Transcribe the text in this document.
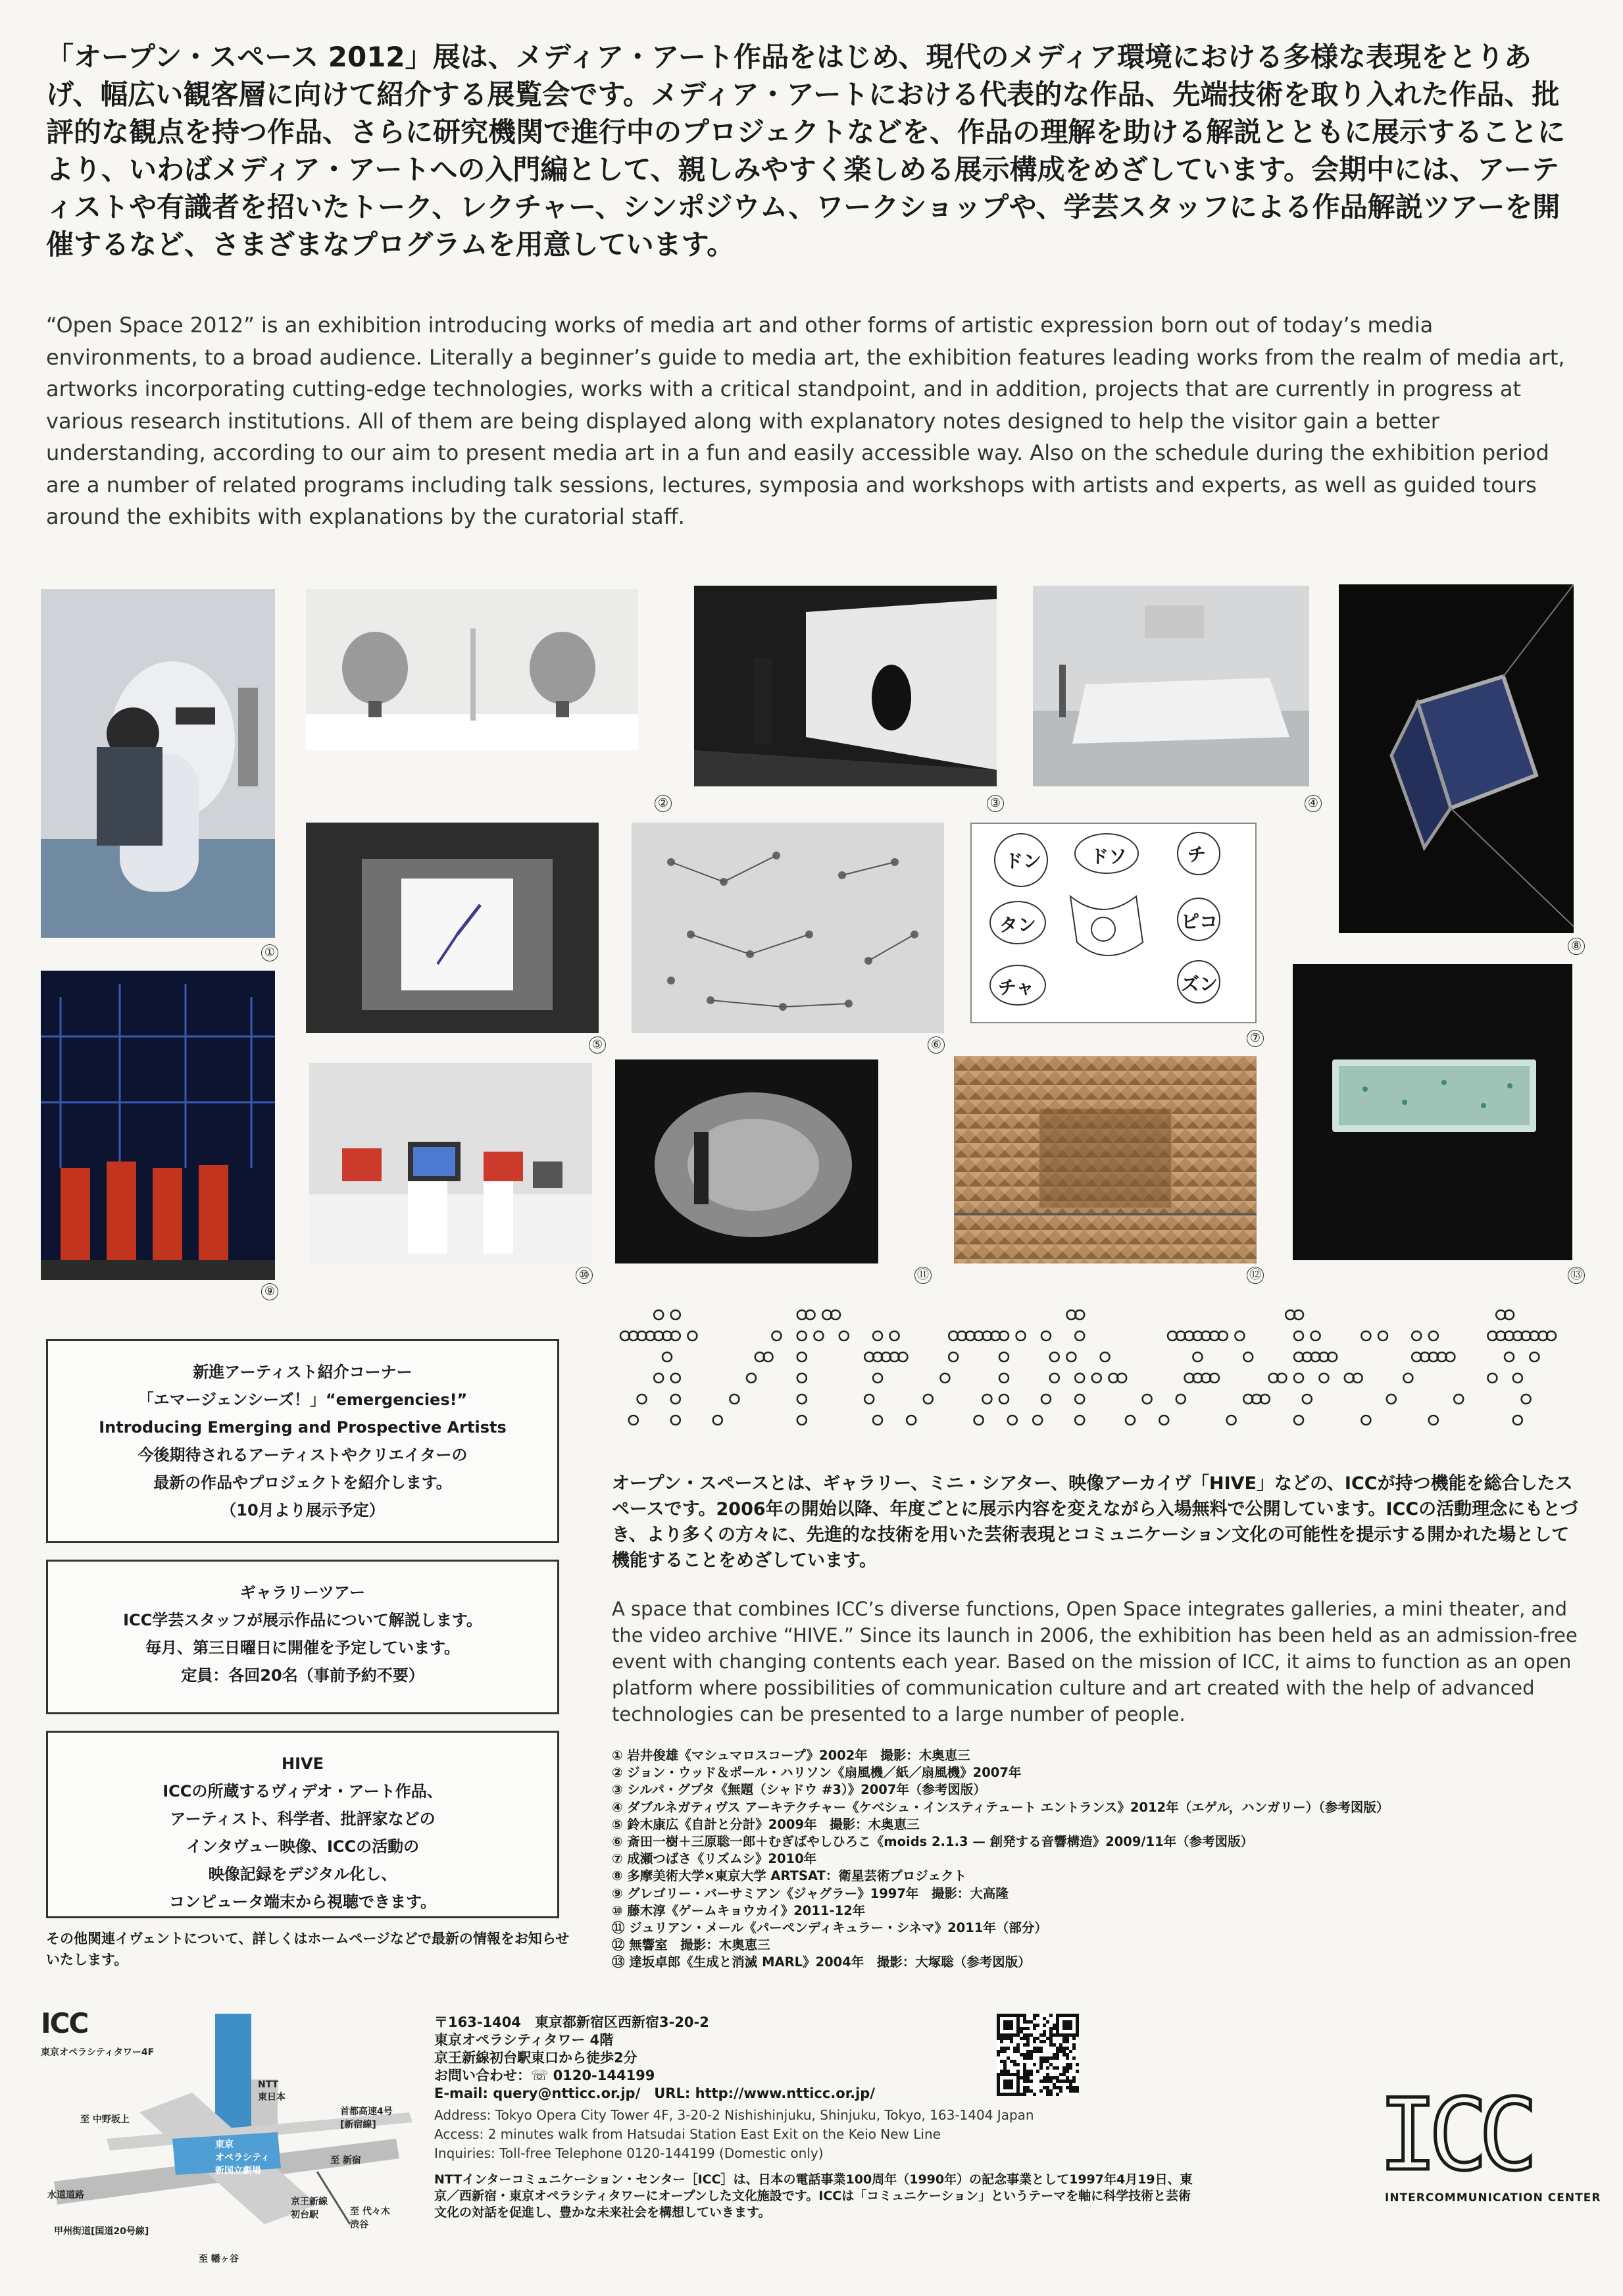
「オープン・スペース 2012」展は、メディア・アート作品をはじめ、現代のメディア環境における多様な表現をとりあげ、幅広い観客層に向けて紹介する展覧会です。メディア・アートにおける代表的な作品、先端技術を取り入れた作品、批評的な観点を持つ作品、さらに研究機関で進行中のプロジェクトなどを、作品の理解を助ける解説とともに展示することにより、いわばメディア・アートへの入門編として、親しみやすく楽しめる展示構成をめざしています。会期中には、アーティストや有識者を招いたトーク、レクチャー、シンポジウム、ワークショップや、学芸スタッフによる作品解説ツアーを開催するなど、さまざまなプログラムを用意しています。

“Open Space 2012” is an exhibition introducing works of media art and other forms of artistic expression born out of today’s media environments, to a broad audience. Literally a beginner’s guide to media art, the exhibition features leading works from the realm of media art, artworks incorporating cutting-edge technologies, works with a critical standpoint, and in addition, projects that are currently in progress at various research institutions. All of them are being displayed along with explanatory notes designed to help the visitor gain a better understanding, according to our aim to present media art in a fun and easily accessible way. Also on the schedule during the exhibition period are a number of related programs including talk sessions, lectures, symposia and workshops with artists and experts, as well as guided tours around the exhibits with explanations by the curatorial staff.

ドン	ドソ	チ
タン	ピコ
チャ	ズン
①
②	③	④
⑤	⑥	⑦
⑧
⑨
⑩	⑪	⑫	⑬
新進アーティスト紹介コーナー
「エマージェンシーズ！」“emergencies!”
Introducing Emerging and Prospective Artists
今後期待されるアーティストやクリエイターの
最新の作品やプロジェクトを紹介します。
（10月より展示予定）
ギャラリーツアー
ICC学芸スタッフが展示作品について解説します。
毎月、第三日曜日に開催を予定しています。
定員：各回20名（事前予約不要）
HIVE
ICCの所蔵するヴィデオ・アート作品、
アーティスト、科学者、批評家などの
インタヴュー映像、ICCの活動の
映像記録をデジタル化し、
コンピュータ端末から視聴できます。
その他関連イヴェントについて、詳しくはホームページなどで最新の情報をお知らせいたします。
オープン・スペースとは、ギャラリー、ミニ・シアター、映像アーカイヴ「HIVE」などの、ICCが持つ機能を総合したスペースです。2006年の開始以降、年度ごとに展示内容を変えながら入場無料で公開しています。ICCの活動理念にもとづき、より多くの方々に、先進的な技術を用いた芸術表現とコミュニケーション文化の可能性を提示する開かれた場として機能することをめざしています。
A space that combines ICC’s diverse functions, Open Space integrates galleries, a mini theater, and the video archive “HIVE.” Since its launch in 2006, the exhibition has been held as an admission-free event with changing contents each year. Based on the mission of ICC, it aims to function as an open platform where possibilities of communication culture and art created with the help of advanced technologies can be presented to a large number of people.
① 岩井俊雄《マシュマロスコープ》2002年　撮影：木奥恵三
② ジョン・ウッド＆ポール・ハリソン《扇風機／紙／扇風機》2007年
③ シルパ・グプタ《無題（シャドウ #3）》2007年（参考図版）
④ ダブルネガティヴス アーキテクチャー《ケベシュ・インスティテュート エントランス》2012年（エゲル，ハンガリー）（参考図版）
⑤ 鈴木康広《自計と分計》2009年　撮影：木奥恵三
⑥ 斎田一樹＋三原聡一郎＋むぎばやしひろこ《moids 2.1.3 — 創発する音響構造》2009/11年（参考図版）
⑦ 成瀬つばさ《リズムシ》2010年
⑧ 多摩美術大学×東京大学 ARTSAT：衛星芸術プロジェクト
⑨ グレゴリー・バーサミアン《ジャグラー》1997年　撮影：大高隆
⑩ 藤木淳《ゲームキョウカイ》2011-12年
⑪ ジュリアン・メール《パーペンディキュラー・シネマ》2011年（部分）
⑫ 無響室　撮影：木奥恵三
⑬ 達坂卓郎《生成と消滅 MARL》2004年　撮影：大塚聡（参考図版）
ICC
東京オペラシティタワー4F
至 中野坂上
NTT
東日本
首都高速4号
[新宿線]
東京
オペラシティ
新国立劇場
至 新宿
水道道路
京王新線
初台駅	至 代々木
渋谷
甲州街道[国道20号線]
至 幡ヶ谷
〒163-1404　東京都新宿区西新宿3-20-2
東京オペラシティタワー 4階
京王新線初台駅東口から徒歩2分
お問い合わせ：☏ 0120-144199
E-mail: query@ntticc.or.jp/　URL: http://www.ntticc.or.jp/
Address: Tokyo Opera City Tower 4F, 3-20-2 Nishishinjuku, Shinjuku, Tokyo, 163-1404 Japan
Access: 2 minutes walk from Hatsudai Station East Exit on the Keio New Line
Inquiries: Toll-free Telephone 0120-144199 (Domestic only)
NTTインターコミュニケーション・センター［ICC］は、日本の電話事業100周年（1990年）の記念事業として1997年4月19日、東京／西新宿・東京オペラシティタワーにオープンした文化施設です。ICCは「コミュニケーション」というテーマを軸に科学技術と芸術文化の対話を促進し、豊かな未来社会を構想していきます。
ICC
INTERCOMMUNICATION CENTER
